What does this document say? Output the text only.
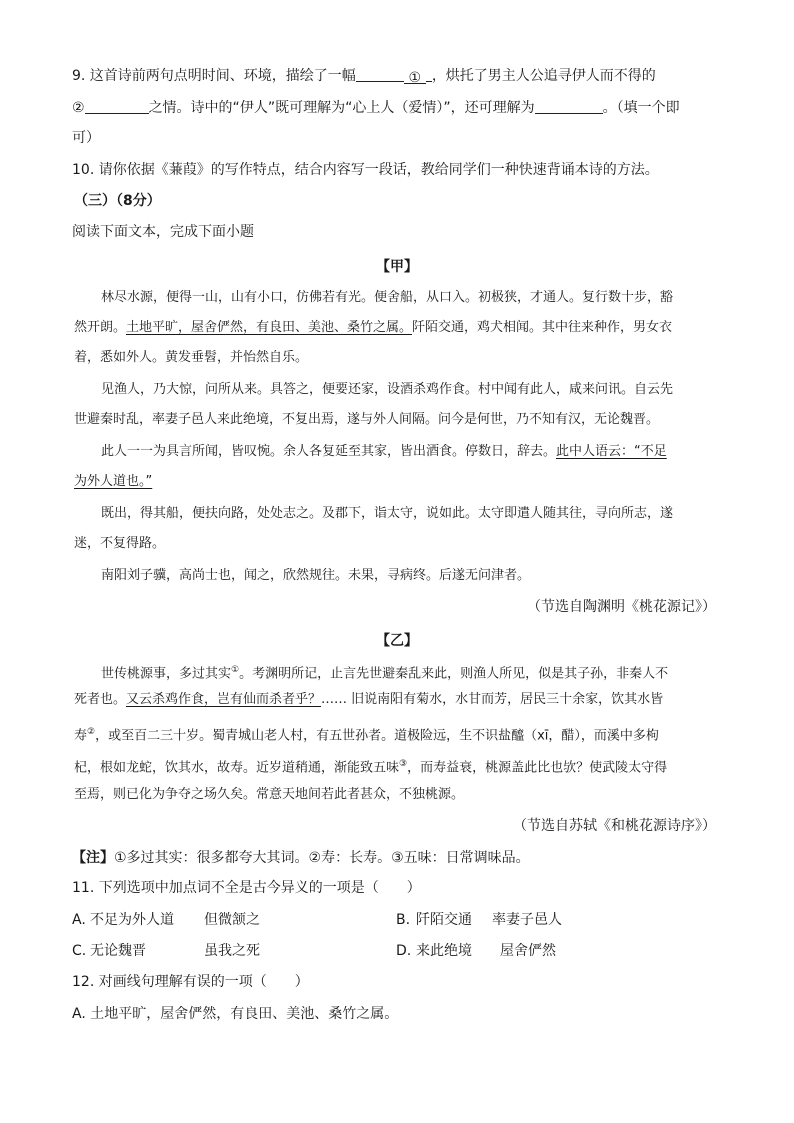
9. 这首诗前两句点明时间、环境，描绘了一幅	① ，烘托了男主人公追寻伊人而不得的
②	之情。诗中的“伊人”既可理解为“心上人（爱情）”，还可理解为	。（填一个即
可）
10. 请你依据《蒹葭》的写作特点，结合内容写一段话，教给同学们一种快速背诵本诗的方法。
（三）（8分）
阅读下面文本，完成下面小题
【甲】
林尽水源，便得一山，山有小口，仿佛若有光。便舍船，从口入。初极狭，才通人。复行数十步，豁
然开朗。土地平旷，屋舍俨然，有良田、美池、桑竹之属。阡陌交通，鸡犬相闻。其中往来种作，男女衣
着，悉如外人。黄发垂髫，并怡然自乐。
见渔人，乃大惊，问所从来。具答之，便要还家，设酒杀鸡作食。村中闻有此人，咸来问讯。自云先
世避秦时乱，率妻子邑人来此绝境，不复出焉，遂与外人间隔。问今是何世，乃不知有汉，无论魏晋。
此人一一为具言所闻，皆叹惋。余人各复延至其家，皆出酒食。停数日，辞去。此中人语云：“不足
为外人道也。”
既出，得其船，便扶向路，处处志之。及郡下，诣太守，说如此。太守即遣人随其往，寻向所志，遂
迷，不复得路。
南阳刘子骥，高尚士也，闻之，欣然规往。未果，寻病终。后遂无问津者。
（节选自陶渊明《桃花源记》）
【乙】
世传桃源事，多过其实①。考渊明所记，止言先世避秦乱来此，则渔人所见，似是其子孙，非秦人不
死者也。又云杀鸡作食，岂有仙而杀者乎？…… 旧说南阳有菊水，水甘而芳，居民三十余家，饮其水皆
寿②，或至百二三十岁。蜀青城山老人村，有五世孙者。道极险远，生不识盐醯（xī，醋），而溪中多枸
杞，根如龙蛇，饮其水，故寿。近岁道稍通，渐能致五味③，而寿益衰，桃源盖此比也欤？使武陵太守得
至焉，则已化为争夺之场久矣。常意天地间若此者甚众，不独桃源。
（节选自苏轼《和桃花源诗序》）
【注】①多过其实：很多都夸大其词。②寿：长寿。③五味：日常调味品。
11. 下列选项中加点词不全是古今异义的一项是（　　）
A. 不足为外人道 但微颔之	B. 阡陌交通 率妻子邑人
C. 无论魏晋	虽我之死	D. 来此绝境 屋舍俨然
12. 对画线句理解有误的一项（　　）
A. 土地平旷，屋舍俨然，有良田、美池、桑竹之属。
